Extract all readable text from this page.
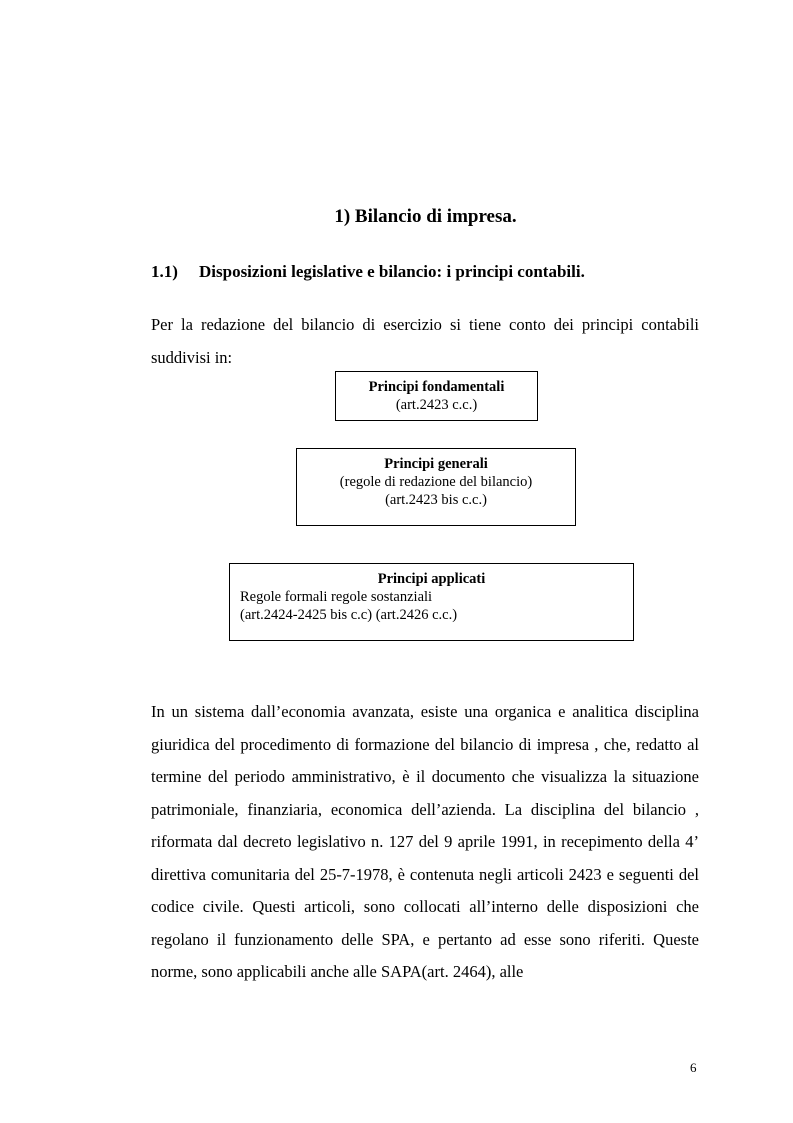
1) Bilancio di impresa.
1.1) Disposizioni legislative e bilancio: i principi contabili.
Per la redazione del bilancio di esercizio si tiene conto dei principi contabili suddivisi in:
Principi fondamentali
(art.2423 c.c.)
Principi generali
(regole di redazione del bilancio)
(art.2423 bis c.c.)
Principi applicati
Regole formali regole sostanziali
(art.2424-2425 bis c.c) (art.2426 c.c.)
In un sistema dall’economia avanzata, esiste una organica e analitica disciplina giuridica del procedimento di formazione del bilancio di impresa , che, redatto al termine del periodo amministrativo, è il documento che visualizza la situazione patrimoniale, finanziaria, economica dell’azienda. La disciplina del bilancio , riformata dal decreto legislativo n. 127 del 9 aprile 1991, in recepimento della 4’ direttiva comunitaria del 25-7-1978, è contenuta negli articoli 2423 e seguenti del codice civile. Questi articoli, sono collocati all’interno delle disposizioni che regolano il funzionamento delle SPA, e pertanto ad esse sono riferiti. Queste norme, sono applicabili anche alle SAPA(art. 2464), alle
6
